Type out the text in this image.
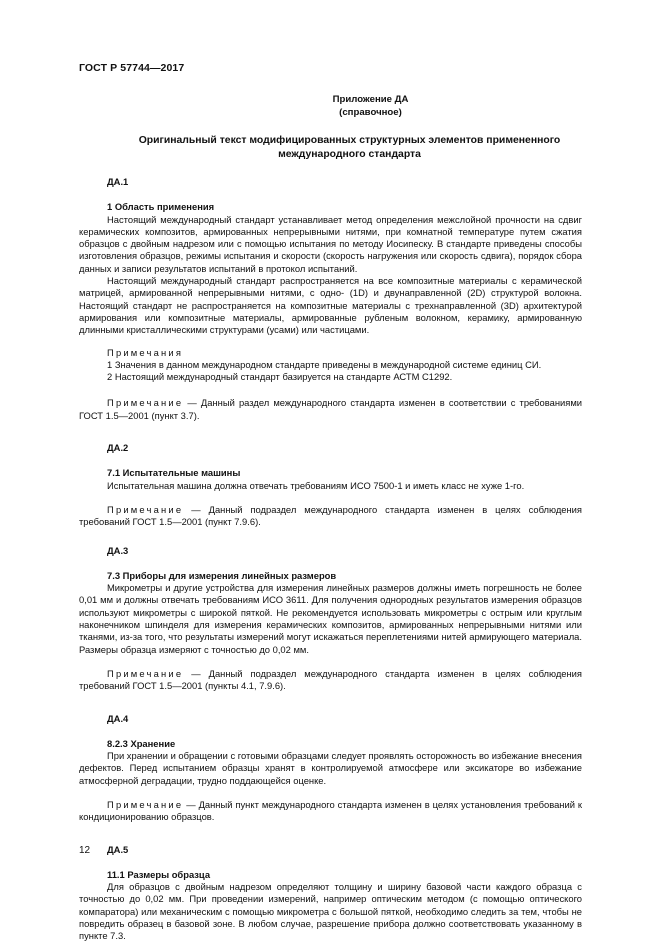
ГОСТ Р 57744—2017
Приложение ДА
(справочное)
Оригинальный текст модифицированных структурных элементов примененного международного стандарта
ДА.1
1 Область применения

Настоящий международный стандарт устанавливает метод определения межслойной прочности на сдвиг керамических композитов, армированных непрерывными нитями, при комнатной температуре путем сжатия образцов с двойным надрезом или с помощью испытания по методу Иосипеску. В стандарте приведены способы изготовления образцов, режимы испытания и скорости (скорость нагружения или скорость сдвига), порядок сбора данных и записи результатов испытаний в протокол испытаний.

Настоящий международный стандарт распространяется на все композитные материалы с керамической матрицей, армированной непрерывными нитями, с одно- (1D) и двунаправленной (2D) структурой волокна. Настоящий стандарт не распространяется на композитные материалы с трехнаправленной (3D) архитектурой армирования или композитные материалы, армированные рубленым волокном, керамику, армированную длинными кристаллическими структурами (усами) или частицами.

Примечания
1 Значения в данном международном стандарте приведены в международной системе единиц СИ.
2 Настоящий международный стандарт базируется на стандарте АСТМ С1292.
Примечание — Данный раздел международного стандарта изменен в соответствии с требованиями ГОСТ 1.5—2001 (пункт 3.7).
ДА.2
7.1 Испытательные машины

Испытательная машина должна отвечать требованиям ИСО 7500-1 и иметь класс не хуже 1-го.

Примечание — Данный подраздел международного стандарта изменен в целях соблюдения требований ГОСТ 1.5—2001 (пункт 7.9.6).
ДА.3
7.3 Приборы для измерения линейных размеров

Микрометры и другие устройства для измерения линейных размеров должны иметь погрешность не более 0,01 мм и должны отвечать требованиям ИСО 3611. Для получения однородных результатов измерения образцов используют микрометры с широкой пяткой. Не рекомендуется использовать микрометры с острым или круглым наконечником шпинделя для измерения керамических композитов, армированных непрерывными нитями или тканями, из-за того, что результаты измерений могут искажаться переплетениями нитей армирующего материала. Размеры образца измеряют с точностью до 0,02 мм.

Примечание — Данный подраздел международного стандарта изменен в целях соблюдения требований ГОСТ 1.5—2001 (пункты 4.1, 7.9.6).
ДА.4
8.2.3 Хранение

При хранении и обращении с готовыми образцами следует проявлять осторожность во избежание внесения дефектов. Перед испытанием образцы хранят в контролируемой атмосфере или эксикаторе во избежание атмосферной деградации, трудно поддающейся оценке.

Примечание — Данный пункт международного стандарта изменен в целях установления требований к кондиционированию образцов.
ДА.5
11.1 Размеры образца

Для образцов с двойным надрезом определяют толщину и ширину базовой части каждого образца с точностью до 0,02 мм. При проведении измерений, например оптическим методом (с помощью оптического компаратора) или механическим с помощью микрометра с большой пяткой, необходимо следить за тем, чтобы не повредить образец в базовой зоне. В любом случае, разрешение прибора должно соответствовать указанному в пункте 7.3.

12
